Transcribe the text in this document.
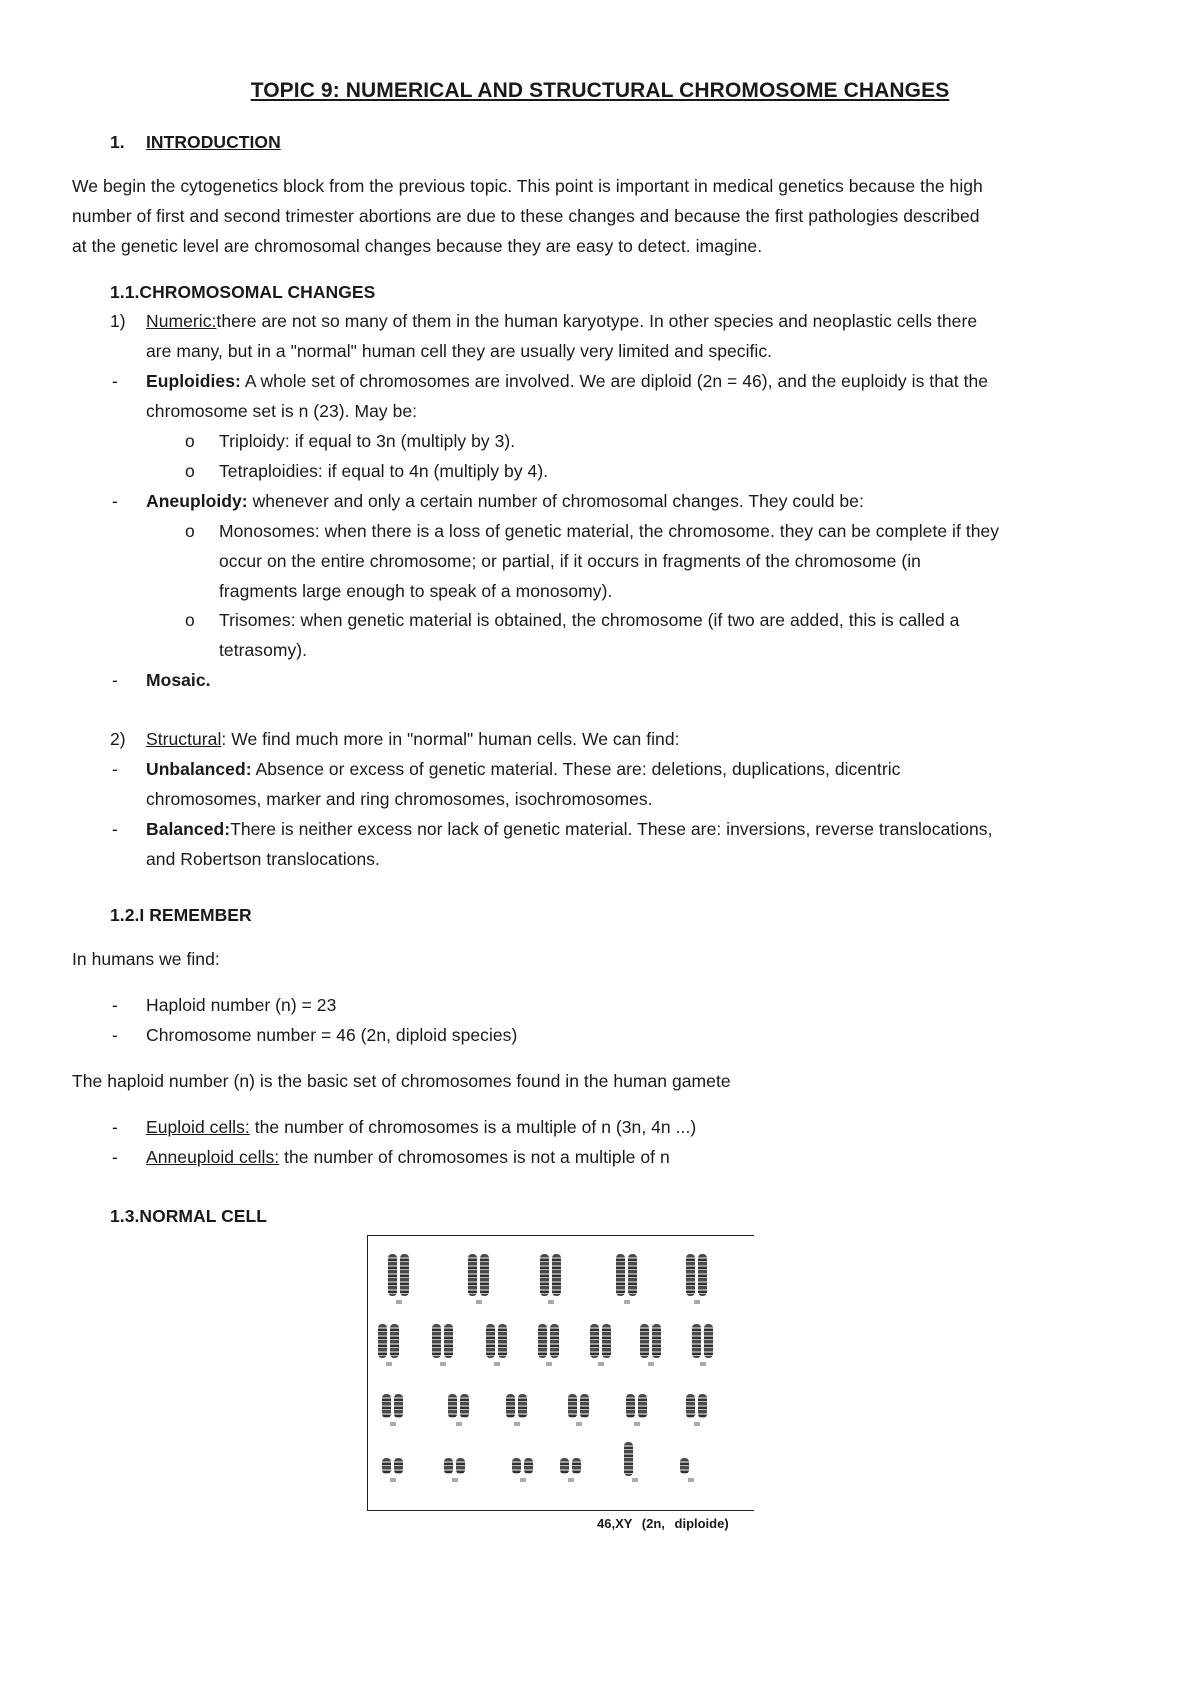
TOPIC 9: NUMERICAL AND STRUCTURAL CHROMOSOME CHANGES
1. INTRODUCTION
We begin the cytogenetics block from the previous topic. This point is important in medical genetics because the high
number of first and second trimester abortions are due to these changes and because the first pathologies described
at the genetic level are chromosomal changes because they are easy to detect. imagine.
1.1.CHROMOSOMAL CHANGES
1) Numeric:there are not so many of them in the human karyotype. In other species and neoplastic cells there
are many, but in a "normal" human cell they are usually very limited and specific.
- Euploidies: A whole set of chromosomes are involved. We are diploid (2n = 46), and the euploidy is that the
chromosome set is n (23). May be:
o Triploidy: if equal to 3n (multiply by 3).
o Tetraploidies: if equal to 4n (multiply by 4).
- Aneuploidy: whenever and only a certain number of chromosomal changes. They could be:
o Monosomes: when there is a loss of genetic material, the chromosome. they can be complete if they
occur on the entire chromosome; or partial, if it occurs in fragments of the chromosome (in
fragments large enough to speak of a monosomy).
o Trisomes: when genetic material is obtained, the chromosome (if two are added, this is called a
tetrasomy).
- Mosaic.
2) Structural: We find much more in "normal" human cells. We can find:
- Unbalanced: Absence or excess of genetic material. These are: deletions, duplications, dicentric
chromosomes, marker and ring chromosomes, isochromosomes.
- Balanced:There is neither excess nor lack of genetic material. These are: inversions, reverse translocations,
and Robertson translocations.
1.2.I REMEMBER
In humans we find:
- Haploid number (n) = 23
- Chromosome number = 46 (2n, diploid species)
The haploid number (n) is the basic set of chromosomes found in the human gamete
- Euploid cells: the number of chromosomes is a multiple of n (3n, 4n ...)
- Anneuploid cells: the number of chromosomes is not a multiple of n
1.3.NORMAL CELL
46,XY (2n, diploide)
